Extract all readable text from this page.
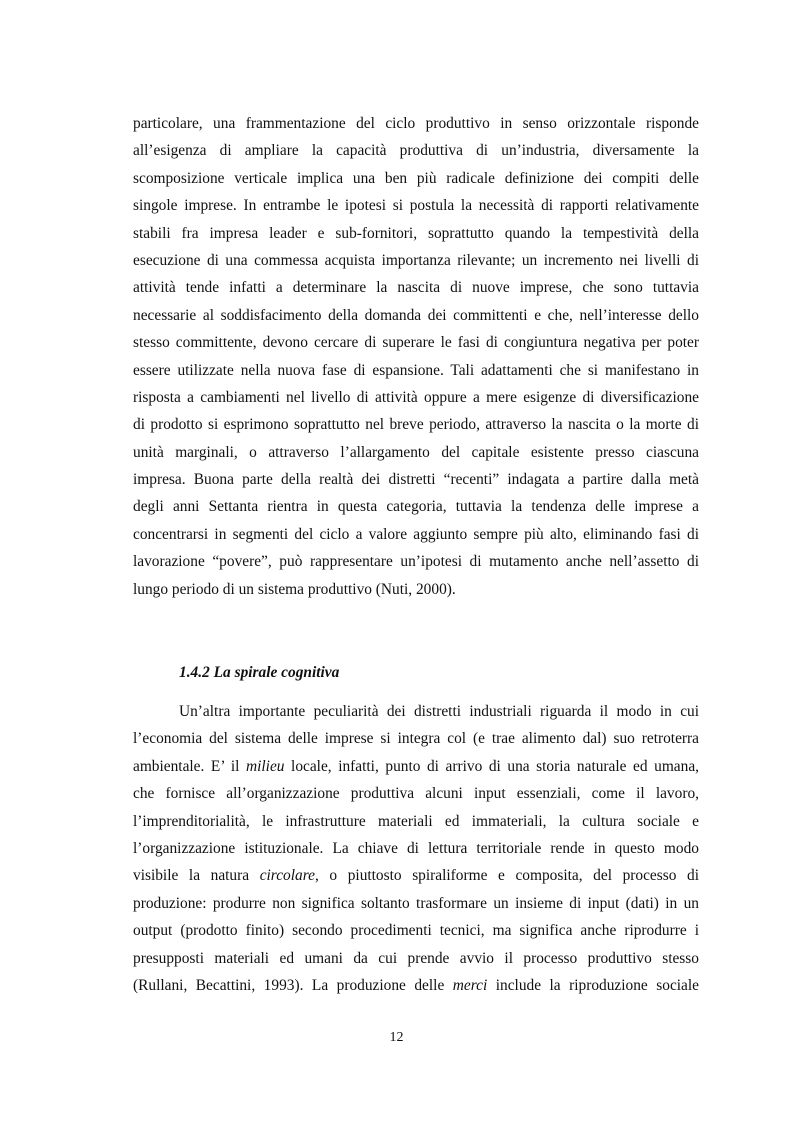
particolare, una frammentazione del ciclo produttivo in senso orizzontale risponde
all’esigenza di ampliare la capacità produttiva di un’industria, diversamente la
scomposizione verticale implica una ben più radicale definizione dei compiti delle
singole imprese. In entrambe le ipotesi si postula la necessità di rapporti relativamente
stabili fra impresa leader e sub-fornitori, soprattutto quando la tempestività della
esecuzione di una commessa acquista importanza rilevante; un incremento nei livelli di
attività tende infatti a determinare la nascita di nuove imprese, che sono tuttavia
necessarie al soddisfacimento della domanda dei committenti e che, nell’interesse dello
stesso committente, devono cercare di superare le fasi di congiuntura negativa per poter
essere utilizzate nella nuova fase di espansione. Tali adattamenti che si manifestano in
risposta a cambiamenti nel livello di attività oppure a mere esigenze di diversificazione
di prodotto si esprimono soprattutto nel breve periodo, attraverso la nascita o la morte di
unità marginali, o attraverso l’allargamento del capitale esistente presso ciascuna
impresa. Buona parte della realtà dei distretti “recenti” indagata a partire dalla metà
degli anni Settanta rientra in questa categoria, tuttavia la tendenza delle imprese a
concentrarsi in segmenti del ciclo a valore aggiunto sempre più alto, eliminando fasi di
lavorazione “povere”, può rappresentare un’ipotesi di mutamento anche nell’assetto di
lungo periodo di un sistema produttivo (Nuti, 2000).
1.4.2 La spirale cognitiva
Un’altra importante peculiarità dei distretti industriali riguarda il modo in cui
l’economia del sistema delle imprese si integra col (e trae alimento dal) suo retroterra
ambientale. E’ il milieu locale, infatti, punto di arrivo di una storia naturale ed umana,
che fornisce all’organizzazione produttiva alcuni input essenziali, come il lavoro,
l’imprenditorialità, le infrastrutture materiali ed immateriali, la cultura sociale e
l’organizzazione istituzionale. La chiave di lettura territoriale rende in questo modo
visibile la natura circolare, o piuttosto spiraliforme e composita, del processo di
produzione: produrre non significa soltanto trasformare un insieme di input (dati) in un
output (prodotto finito) secondo procedimenti tecnici, ma significa anche riprodurre i
presupposti materiali ed umani da cui prende avvio il processo produttivo stesso
(Rullani, Becattini, 1993). La produzione delle merci include la riproduzione sociale
12
